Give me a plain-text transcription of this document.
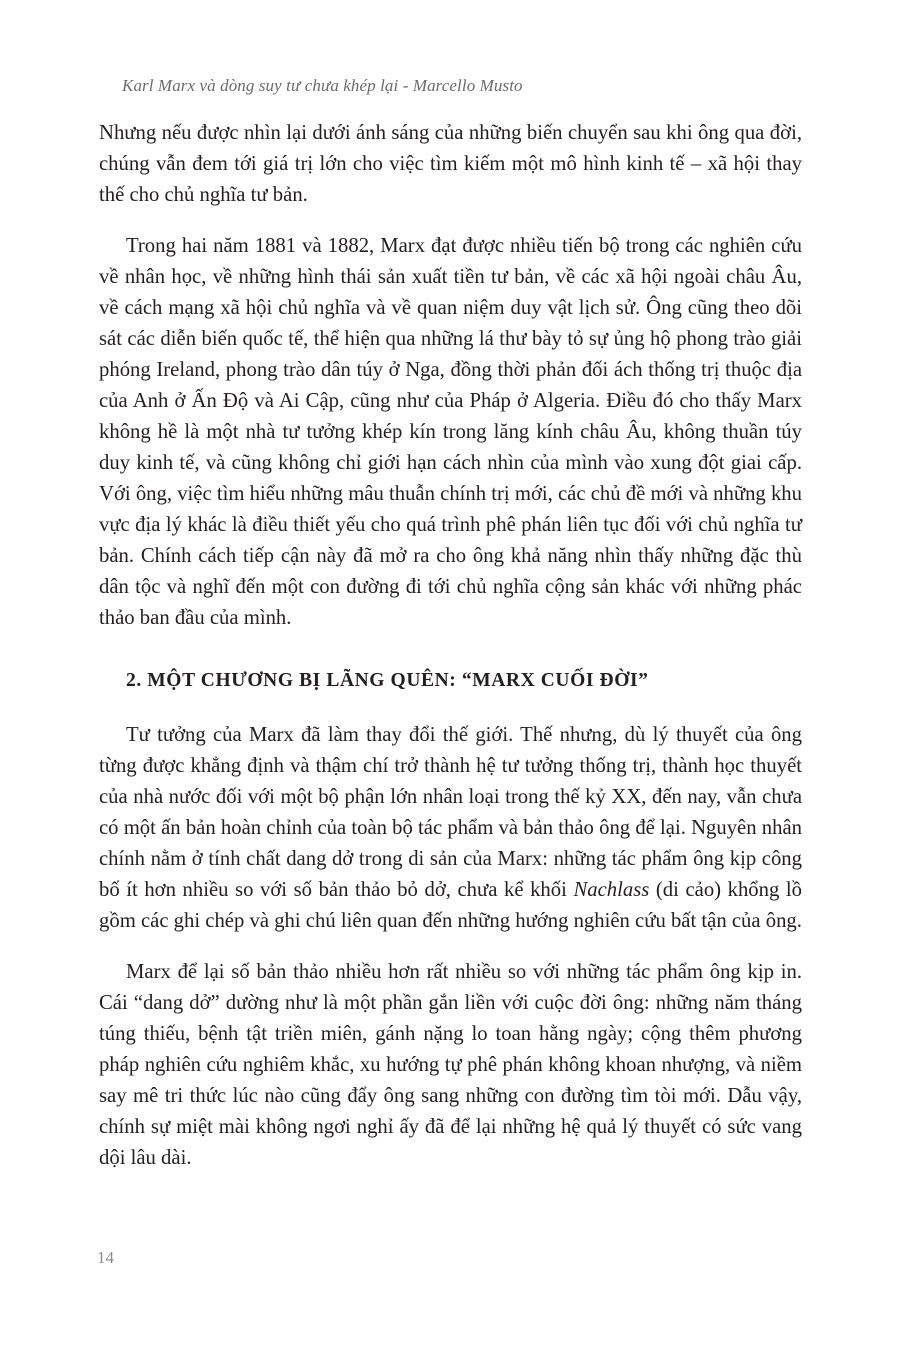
Karl Marx và dòng suy tư chưa khép lại - Marcello Musto

Nhưng nếu được nhìn lại dưới ánh sáng của những biến chuyển sau khi ông qua đời, chúng vẫn đem tới giá trị lớn cho việc tìm kiếm một mô hình kinh tế – xã hội thay thế cho chủ nghĩa tư bản.

Trong hai năm 1881 và 1882, Marx đạt được nhiều tiến bộ trong các nghiên cứu về nhân học, về những hình thái sản xuất tiền tư bản, về các xã hội ngoài châu Âu, về cách mạng xã hội chủ nghĩa và về quan niệm duy vật lịch sử. Ông cũng theo dõi sát các diễn biến quốc tế, thể hiện qua những lá thư bày tỏ sự ủng hộ phong trào giải phóng Ireland, phong trào dân túy ở Nga, đồng thời phản đối ách thống trị thuộc địa của Anh ở Ấn Độ và Ai Cập, cũng như của Pháp ở Algeria. Điều đó cho thấy Marx không hề là một nhà tư tưởng khép kín trong lăng kính châu Âu, không thuần túy duy kinh tế, và cũng không chỉ giới hạn cách nhìn của mình vào xung đột giai cấp. Với ông, việc tìm hiểu những mâu thuẫn chính trị mới, các chủ đề mới và những khu vực địa lý khác là điều thiết yếu cho quá trình phê phán liên tục đối với chủ nghĩa tư bản. Chính cách tiếp cận này đã mở ra cho ông khả năng nhìn thấy những đặc thù dân tộc và nghĩ đến một con đường đi tới chủ nghĩa cộng sản khác với những phác thảo ban đầu của mình.

2. MỘT CHƯƠNG BỊ LÃNG QUÊN: “MARX CUỐI ĐỜI”

Tư tưởng của Marx đã làm thay đổi thế giới. Thế nhưng, dù lý thuyết của ông từng được khẳng định và thậm chí trở thành hệ tư tưởng thống trị, thành học thuyết của nhà nước đối với một bộ phận lớn nhân loại trong thế kỷ XX, đến nay, vẫn chưa có một ấn bản hoàn chỉnh của toàn bộ tác phẩm và bản thảo ông để lại. Nguyên nhân chính nằm ở tính chất dang dở trong di sản của Marx: những tác phẩm ông kịp công bố ít hơn nhiều so với số bản thảo bỏ dở, chưa kể khối Nachlass (di cảo) khổng lồ gồm các ghi chép và ghi chú liên quan đến những hướng nghiên cứu bất tận của ông.

Marx để lại số bản thảo nhiều hơn rất nhiều so với những tác phẩm ông kịp in. Cái “dang dở” dường như là một phần gắn liền với cuộc đời ông: những năm tháng túng thiếu, bệnh tật triền miên, gánh nặng lo toan hằng ngày; cộng thêm phương pháp nghiên cứu nghiêm khắc, xu hướng tự phê phán không khoan nhượng, và niềm say mê tri thức lúc nào cũng đẩy ông sang những con đường tìm tòi mới. Dẫu vậy, chính sự miệt mài không ngơi nghỉ ấy đã để lại những hệ quả lý thuyết có sức vang dội lâu dài.

14
